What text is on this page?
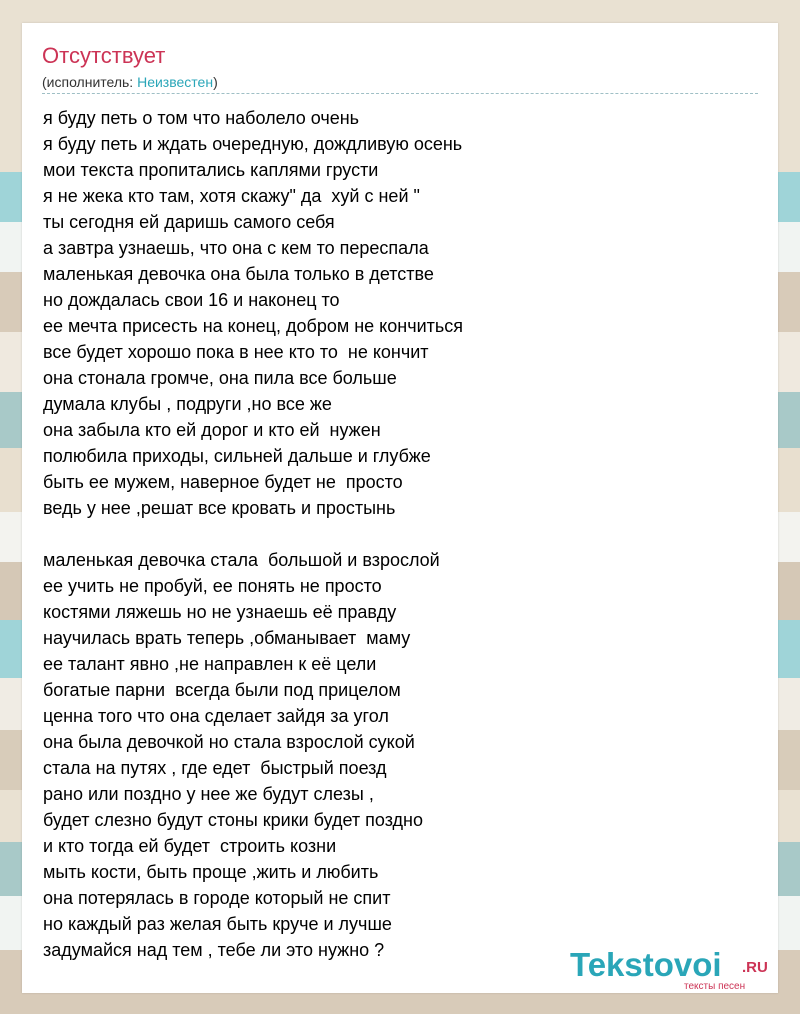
Отсутствует
(исполнитель: Неизвестен)
я буду петь о том что наболело очень
я буду петь и ждать очередную, дождливую осень
мои текста пропитались каплями грусти
я не жека кто там, хотя скажу" да  хуй с ней "
ты сегодня ей даришь самого себя
а завтра узнаешь, что она с кем то переспала
маленькая девочка она была только в детстве
но дождалась свои 16 и наконец то
ее мечта присесть на конец, добром не кончиться
все будет хорошо пока в нее кто то  не кончит
она стонала громче, она пила все больше
думала клубы , подруги ,но все же
она забыла кто ей дорог и кто ей  нужен
полюбила приходы, сильней дальше и глубже
быть ее мужем, наверное будет не  просто
ведь у нее ,решат все кровать и простынь
маленькая девочка стала  большой и взрослой
ее учить не пробуй, ее понять не просто
костями ляжешь но не узнаешь её правду
научилась врать теперь ,обманывает  маму
ее талант явно ,не направлен к её цели
богатые парни  всегда были под прицелом
ценна того что она сделает зайдя за угол
она была девочкой но стала взрослой сукой
стала на путях , где едет  быстрый поезд
рано или поздно у нее же будут слезы ,
будет слезно будут стоны крики будет поздно
и кто тогда ей будет  строить козни
мыть кости, быть проще ,жить и любить
она потерялась в городе который не спит
но каждый раз желая быть круче и лучше
задумайся над тем , тебе ли это нужно ?	Tekstovoi .RU
тексты песен
